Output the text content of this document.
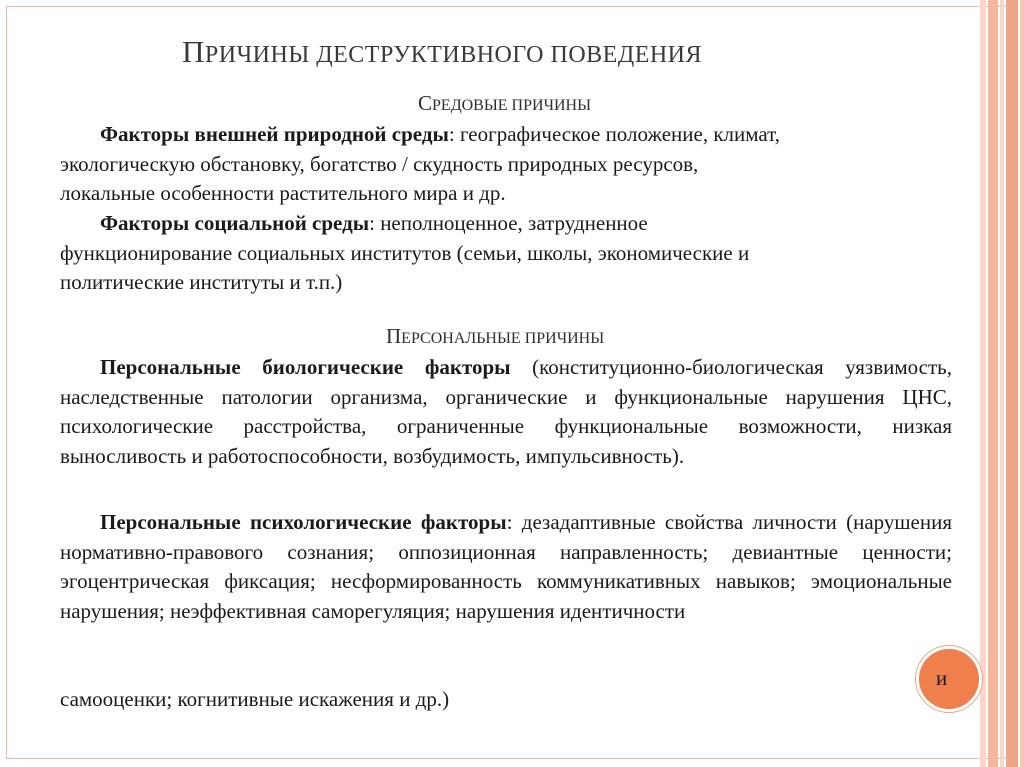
ПРИЧИНЫ ДЕСТРУКТИВНОГО ПОВЕДЕНИЯ
СРЕДОВЫЕ ПРИЧИНЫ

Факторы внешней природной среды: географическое положение, климат,
экологическую обстановку, богатство / скудность природных ресурсов,
локальные особенности растительного мира и др.

Факторы социальной среды: неполноценное, затрудненное
функционирование социальных институтов (семьи, школы, экономические и
политические институты и т.п.)

ПЕРСОНАЛЬНЫЕ ПРИЧИНЫ

Персональные биологические факторы (конституционно-биологическая уязвимость, наследственные патологии организма, органические и функциональные нарушения ЦНС, психологические расстройства, ограниченные функциональные возможности, низкая выносливость и работоспособности, возбудимость, импульсивность).

Персональные психологические факторы: дезадаптивные свойства личности (нарушения нормативно-правового сознания; оппозиционная направленность; девиантные ценности; эгоцентрическая фиксация; несформированность коммуникативных навыков; эмоциональные нарушения; неэффективная саморегуляция; нарушения идентичности

и

самооценки; когнитивные искажения и др.)
